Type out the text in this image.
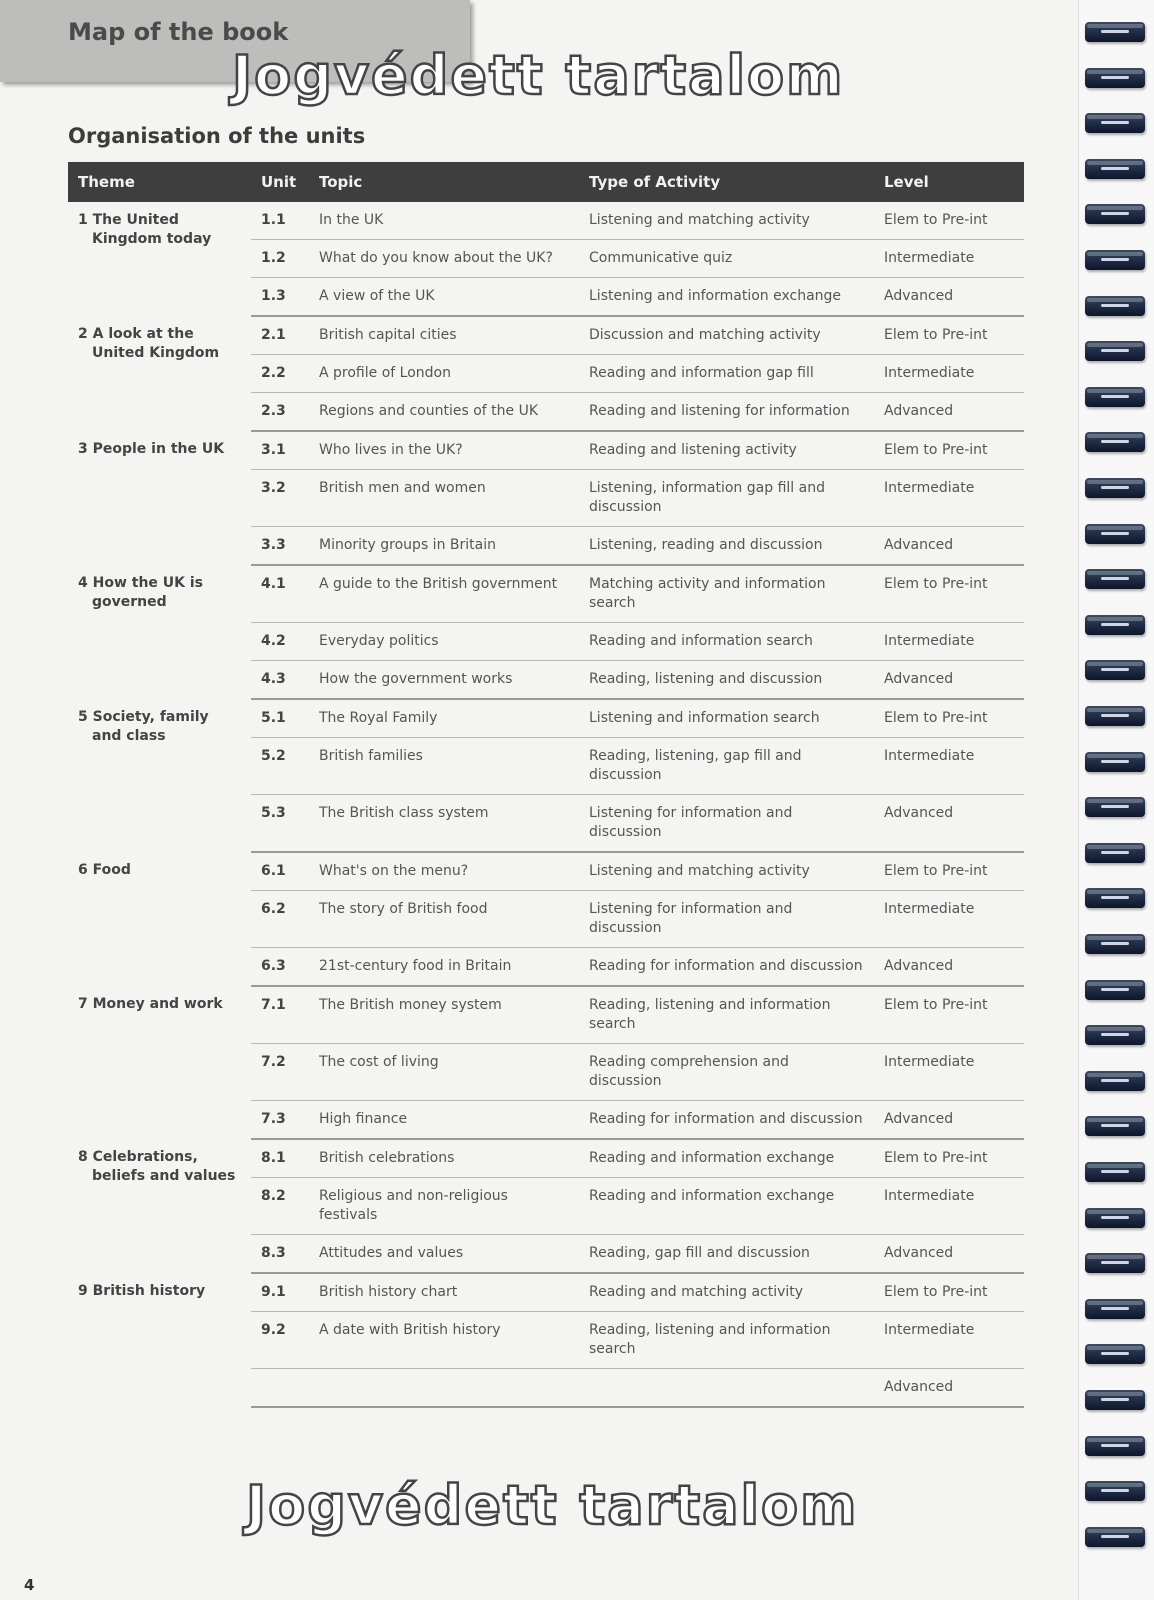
Map of the book
Organisation of the units
Theme	Unit	Topic	Type of Activity	Level

1 The United Kingdom today	1.1	In the UK	Listening and matching activity	Elem to Pre-int
	1.2	What do you know about the UK?	Communicative quiz	Intermediate
	1.3	A view of the UK	Listening and information exchange	Advanced

2 A look at the United Kingdom	2.1	British capital cities	Discussion and matching activity	Elem to Pre-int
	2.2	A profile of London	Reading and information gap fill	Intermediate
	2.3	Regions and counties of the UK	Reading and listening for information	Advanced

3 People in the UK	3.1	Who lives in the UK?	Reading and listening activity	Elem to Pre-int
	3.2	British men and women	Listening, information gap fill and discussion	Intermediate
	3.3	Minority groups in Britain	Listening, reading and discussion	Advanced

4 How the UK is governed	4.1	A guide to the British government	Matching activity and information search	Elem to Pre-int
	4.2	Everyday politics	Reading and information search	Intermediate
	4.3	How the government works	Reading, listening and discussion	Advanced

5 Society, family and class	5.1	The Royal Family	Listening and information search	Elem to Pre-int
	5.2	British families	Reading, listening, gap fill and discussion	Intermediate
	5.3	The British class system	Listening for information and discussion	Advanced

6 Food	6.1	What's on the menu?	Listening and matching activity	Elem to Pre-int
	6.2	The story of British food	Listening for information and discussion	Intermediate
	6.3	21st-century food in Britain	Reading for information and discussion	Advanced

7 Money and work	7.1	The British money system	Reading, listening and information search	Elem to Pre-int
	7.2	The cost of living	Reading comprehension and discussion	Intermediate
	7.3	High finance	Reading for information and discussion	Advanced

8 Celebrations, beliefs and values	8.1	British celebrations	Reading and information exchange	Elem to Pre-int
	8.2	Religious and non-religious festivals	Reading and information exchange	Intermediate
	8.3	Attitudes and values	Reading, gap fill and discussion	Advanced

9 British history	9.1	British history chart	Reading and matching activity	Elem to Pre-int
	9.2	A date with British history	Reading, listening and information search	Intermediate
				Advanced
Jogvédett tartalom
Jogvédett tartalom
4
